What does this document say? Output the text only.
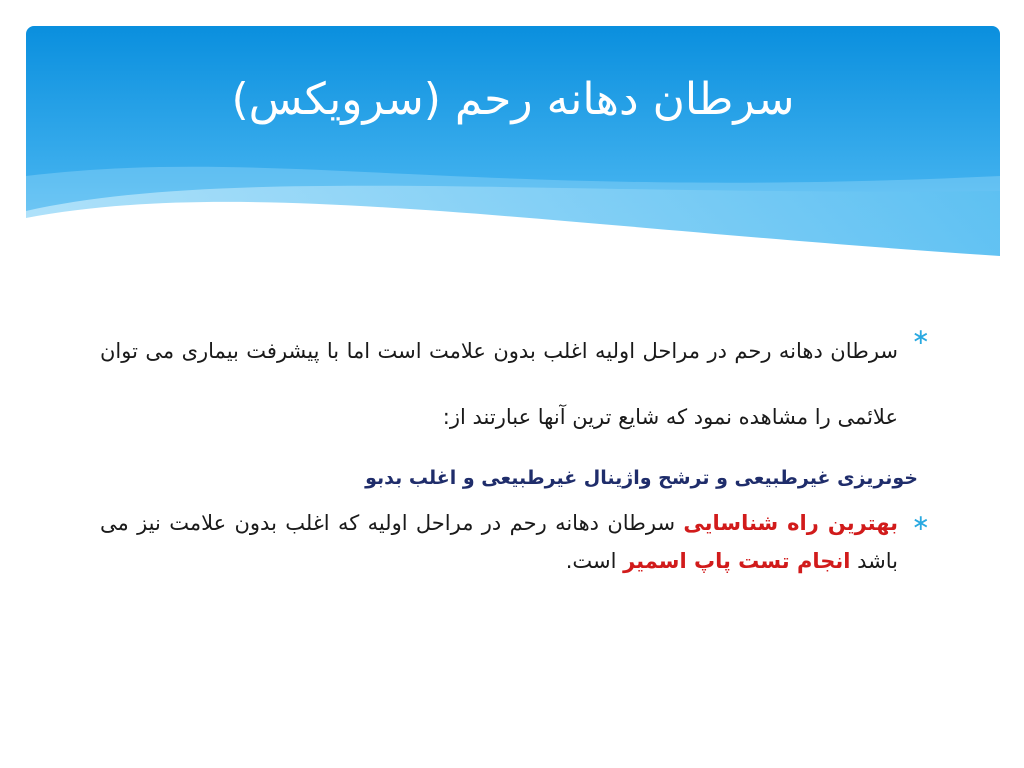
سرطان دهانه رحم (سرویکس)
∗

سرطان دهانه رحم در مراحل اولیه اغلب بدون علامت است اما با پیشرفت بیماری می توان علائمی را مشاهده نمود که شایع ترین آنها عبارتند از:

خونریزی غیرطبیعی و ترشح واژینال غیرطبیعی و اغلب بدبو
∗

بهترین راه شناسایی سرطان دهانه رحم در مراحل اولیه که اغلب بدون علامت نیز می باشد انجام تست پاپ اسمیر است.
